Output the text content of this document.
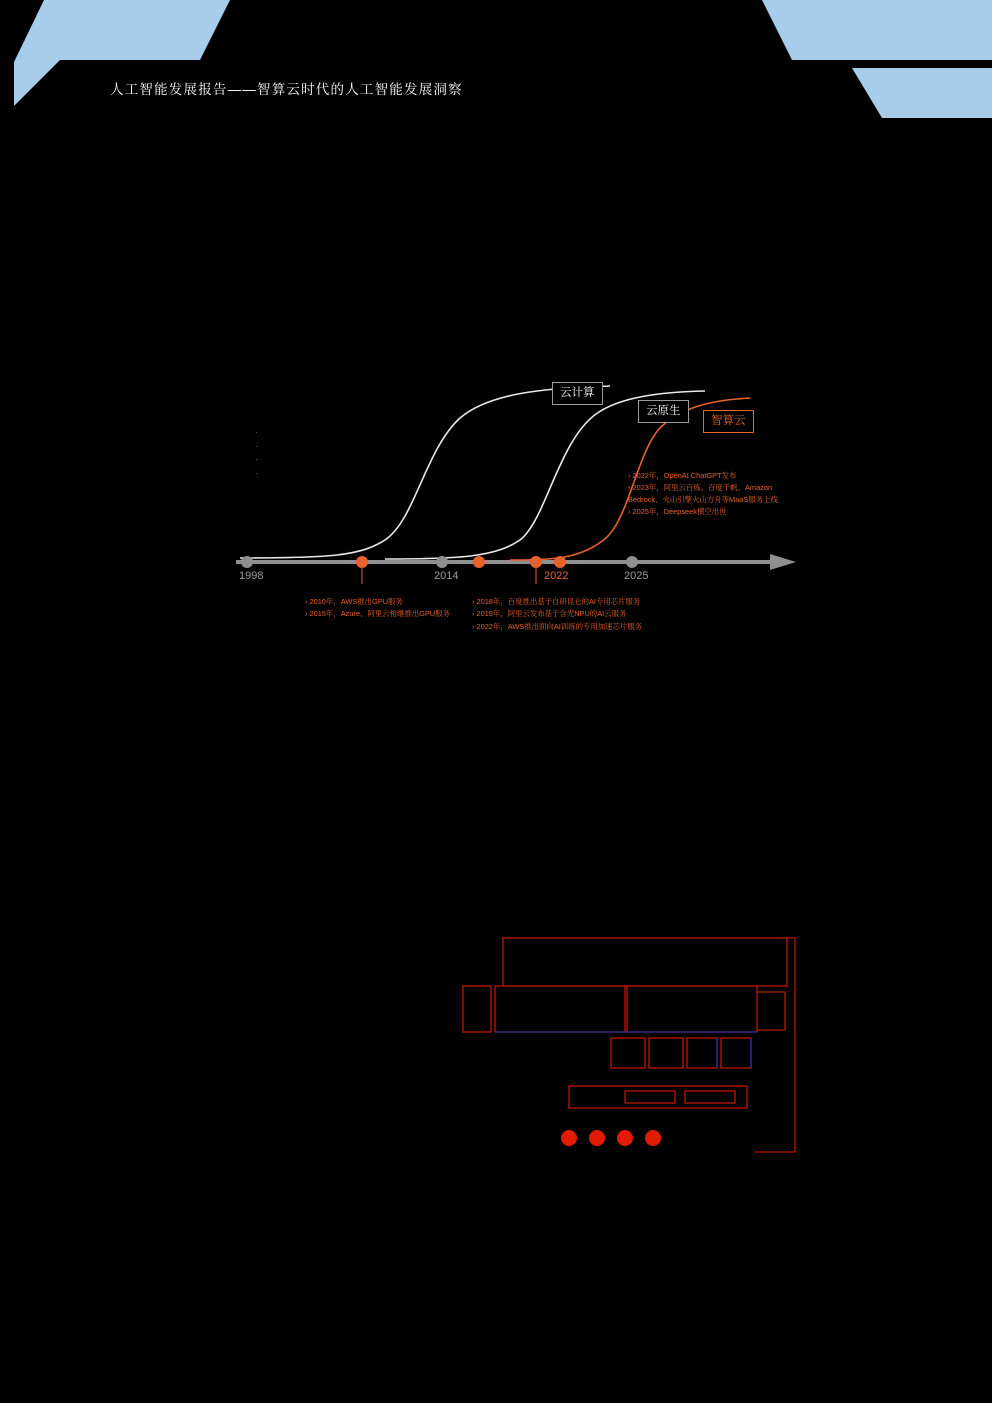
人工智能发展报告——智算云时代的人工智能发展洞察
云计算
云原生
智算云
·
·
·
·
·
1998	2014	2022	2025
› 2010年，AWS推出GPU服务
› 2015年，Azure、阿里云相继推出GPU服务
› 2018年，百度推出基于自研昆仑的AI专用芯片服务
› 2019年，阿里云发布基于含光NPU的AI云服务
› 2022年，AWS推出面向AI训练的专用加速芯片服务
› 2022年，OpenAI ChatGPT发布
› 2023年，阿里云百炼、百度千帆、Amazon Bedrock、火山引擎火山方舟等MaaS服务上线
› 2025年，Deepseek横空出世
